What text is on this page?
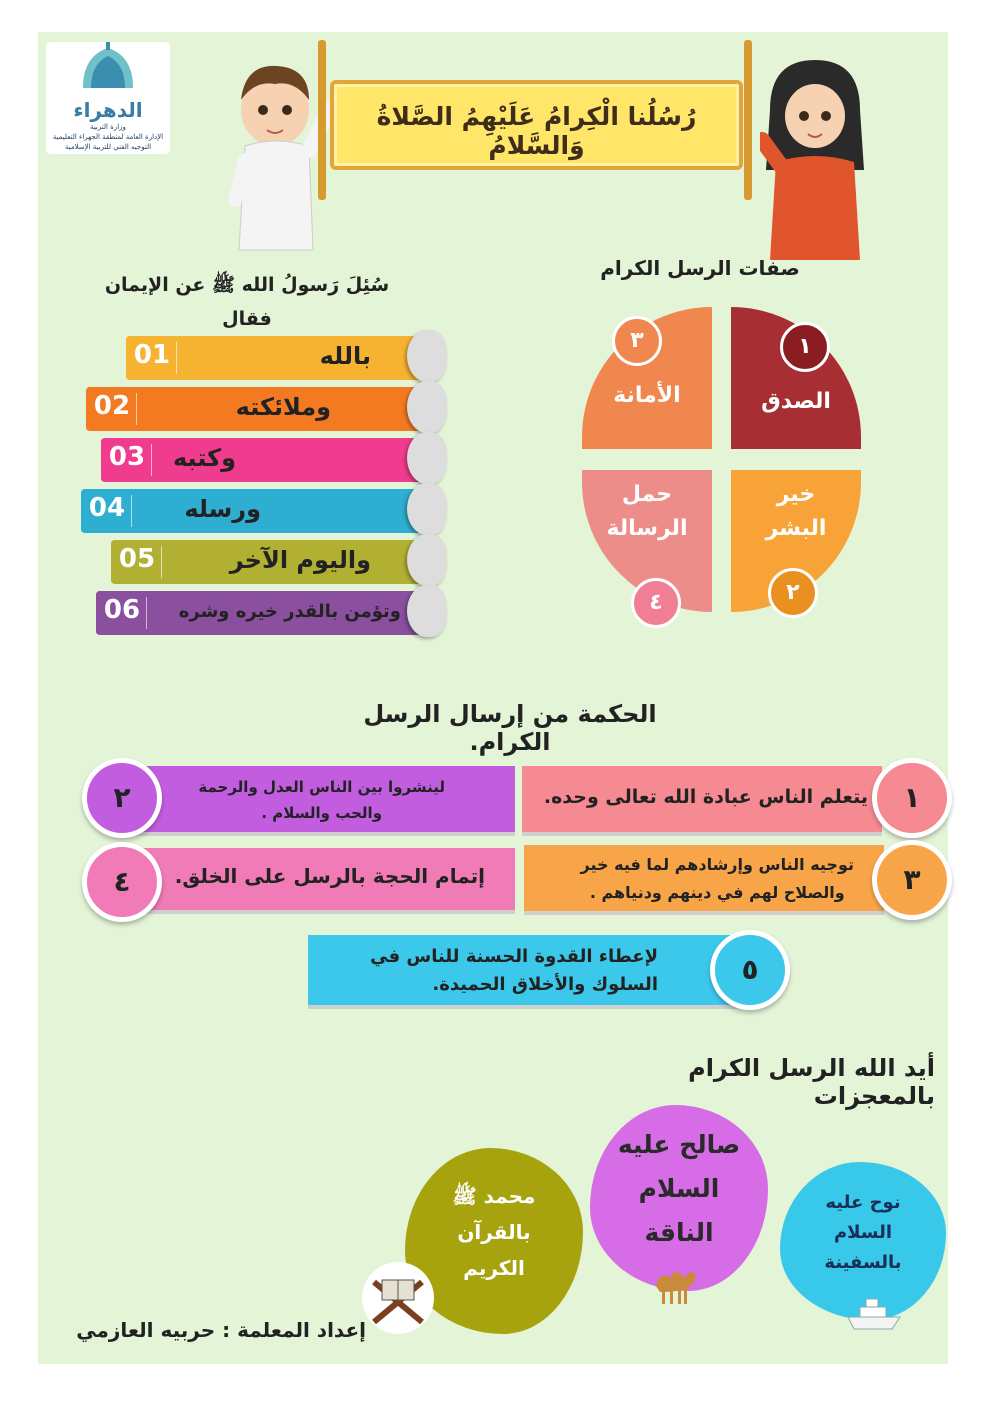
الدهراء
وزارة التربية
الإدارة العامة لمنطقة الجهراء التعليمية
التوجيه الفني للتربية الإسلامية
رُسُلُنا الْكِرامُ عَلَيْهِمُ الصَّلاةُ وَالسَّلامُ
سُئِلَ رَسولُ الله ﷺ عن الإيمان فقال
01	بالله
02	وملائكته
03 وكتبه
04 ورسله
05	واليوم الآخر
06 وتؤمن بالقدر خيره وشره
صفات الرسل الكرام
الصدق
الأمانة
خير
البشر
حمل
الرسالة
١
٣
٢
٤
الحكمة من إرسال الرسل الكرام.
يتعلم الناس عبادة الله تعالى وحده.	١
لينشروا بين الناس العدل والرحمة
والحب والسلام .
٢
توجيه الناس وإرشادهم لما فيه خير
والصلاح لهم في دينهم ودنياهم .	٣
إتمام الحجة بالرسل على الخلق.
٤
لإعطاء القدوة الحسنة للناس في
السلوك والأخلاق الحميدة.	٥
أيد الله الرسل الكرام بالمعجزات
نوح عليه
السلام
بالسفينة
صالح عليه
السلام
الناقة
محمد ﷺ
بالقرآن
الكريم
إعداد المعلمة : حربيه العازمي
